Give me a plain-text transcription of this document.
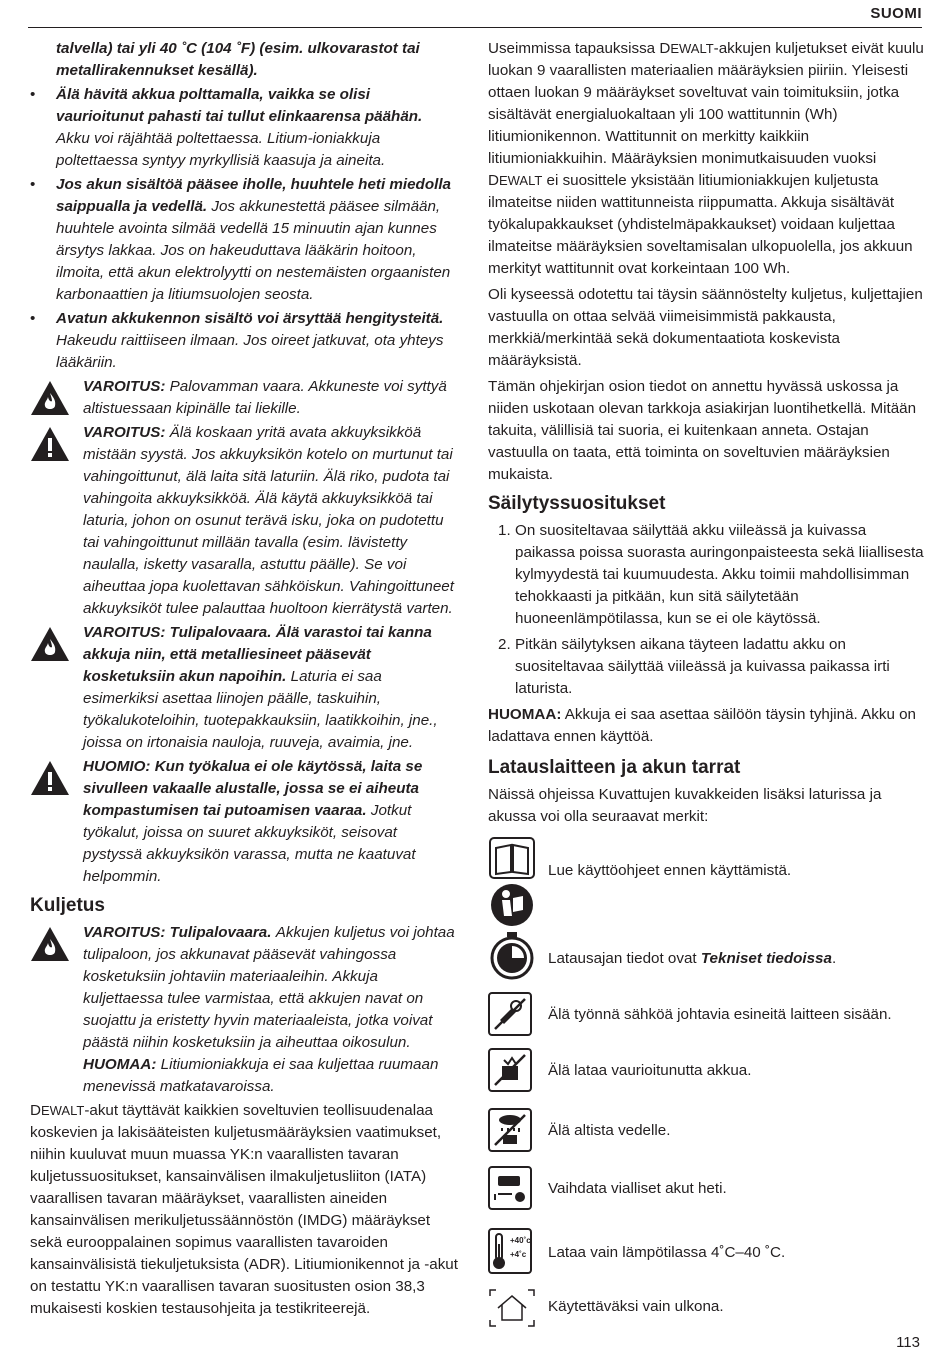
SUOMI

talvella) tai yli 40 ˚C (104 ˚F) (esim. ulkovarastot tai metallirakennukset kesällä).

• Älä hävitä akkua polttamalla, vaikka se olisi vaurioitunut pahasti tai tullut elinkaarensa päähän. Akku voi räjähtää poltettaessa. Litium-ioniakkuja poltettaessa syntyy myrkyllisiä kaasuja ja aineita.
• Jos akun sisältöä pääsee iholle, huuhtele heti miedolla saippualla ja vedellä. Jos akkunestettä pääsee silmään, huuhtele avointa silmää vedellä 15 minuutin ajan kunnes ärsytys lakkaa. Jos on hakeuduttava lääkärin hoitoon, ilmoita, että akun elektrolyytti on nestemäisten orgaanisten karbonaattien ja litiumsuolojen seosta.
• Avatun akkukennon sisältö voi ärsyttää hengitysteitä. Hakeudu raittiiseen ilmaan. Jos oireet jatkuvat, ota yhteys lääkäriin.
VAROITUS: Palovamman vaara. Akkuneste voi syttyä altistuessaan kipinälle tai liekille.
VAROITUS: Älä koskaan yritä avata akkuyksikköä mistään syystä. Jos akkuyksikön kotelo on murtunut tai vahingoittunut, älä laita sitä laturiin. Älä riko, pudota tai vahingoita akkuyksikköä. Älä käytä akkuyksikköä tai laturia, johon on osunut terävä isku, joka on pudotettu tai vahingoittunut millään tavalla (esim. lävistetty naulalla, isketty vasaralla, astuttu päälle). Se voi aiheuttaa jopa kuolettavan sähköiskun. Vahingoittuneet akkuyksiköt tulee palauttaa huoltoon kierrätystä varten.
VAROITUS: Tulipalovaara. Älä varastoi tai kanna akkuja niin, että metalliesineet pääsevät kosketuksiin akun napoihin. Laturia ei saa esimerkiksi asettaa liinojen päälle, taskuihin, työkalukoteloihin, tuotepakkauksiin, laatikkoihin, jne., joissa on irtonaisia nauloja, ruuveja, avaimia, jne.
HUOMIO: Kun työkalua ei ole käytössä, laita se sivulleen vakaalle alustalle, jossa se ei aiheuta kompastumisen tai putoamisen vaaraa. Jotkut työkalut, joissa on suuret akkuyksiköt, seisovat pystyssä akkuyksikön varassa, mutta ne kaatuvat helpommin.
Kuljetus
VAROITUS: Tulipalovaara. Akkujen kuljetus voi johtaa tulipaloon, jos akkunavat pääsevät vahingossa kosketuksiin johtaviin materiaaleihin. Akkuja kuljettaessa tulee varmistaa, että akkujen navat on suojattu ja eristetty hyvin materiaaleista, jotka voivat päästä niihin kosketuksiin ja aiheuttaa oikosulun.
HUOMAA: Litiumioniakkuja ei saa kuljettaa ruumaan menevissä matkatavaroissa.

DEWALT-akut täyttävät kaikkien soveltuvien teollisuudenalaa koskevien ja lakisääteisten kuljetusmääräyksien vaatimukset, niihin kuuluvat muun muassa YK:n vaarallisten tavaran kuljetussuositukset, kansainvälisen ilmakuljetusliiton (IATA) vaarallisen tavaran määräykset, vaarallisten aineiden kansainvälisen merikuljetussäännöstön (IMDG) määräykset sekä eurooppalainen sopimus vaarallisten tavaroiden kansainvälisistä tiekuljetuksista (ADR). Litiumionikennot ja -akut on testattu YK:n vaarallisen tavaran suositusten osion 38,3 mukaisesti koskien testausohjeita ja testikriteerejä.

Useimmissa tapauksissa DEWALT-akkujen kuljetukset eivät kuulu luokan 9 vaarallisten materiaalien määräyksien piiriin. Yleisesti ottaen luokan 9 määräykset soveltuvat vain toimituksiin, jotka sisältävät energialuokaltaan yli 100 wattitunnin (Wh) litiumionikennon. Wattitunnit on merkitty kaikkiin litiumioniakkuihin. Määräyksien monimutkaisuuden vuoksi DEWALT ei suosittele yksistään litiumioniakkujen kuljetusta ilmateitse niiden wattitunneista riippumatta. Akkuja sisältävät työkalupakkaukset (yhdistelmäpakkaukset) voidaan kuljettaa ilmateitse määräyksien soveltamisalan ulkopuolella, jos akkuun merkityt wattitunnit ovat korkeintaan 100 Wh.

Oli kyseessä odotettu tai täysin säännöstelty kuljetus, kuljettajien vastuulla on ottaa selvää viimeisimmistä pakkausta, merkkiä/merkintää sekä dokumentaatiota koskevista määräyksistä.

Tämän ohjekirjan osion tiedot on annettu hyvässä uskossa ja niiden uskotaan olevan tarkkoja asiakirjan luontihetkellä. Mitään takuita, välillisiä tai suoria, ei kuitenkaan anneta. Ostajan vastuulla on taata, että toiminta on soveltuvien määräyksien mukaista.

Säilytyssuositukset
1. On suositeltavaa säilyttää akku viileässä ja kuivassa paikassa poissa suorasta auringonpaisteesta sekä liiallisesta kylmyydestä tai kuumuudesta. Akku toimii mahdollisimman tehokkaasti ja pitkään, kun sitä säilytetään huoneenlämpötilassa, kun se ei ole käytössä.
2. Pitkän säilytyksen aikana täyteen ladattu akku on suositeltavaa säilyttää viileässä ja kuivassa paikassa irti laturista.

HUOMAA: Akkuja ei saa asettaa säilöön täysin tyhjinä. Akku on ladattava ennen käyttöä.

Latauslaitteen ja akun tarrat

Näissä ohjeissa Kuvattujen kuvakkeiden lisäksi laturissa ja akussa voi olla seuraavat merkit:

Lue käyttöohjeet ennen käyttämistä.
Latausajan tiedot ovat Tekniset tiedoissa.
Älä työnnä sähköä johtavia esineitä laitteen sisään.
Älä lataa vaurioitunutta akkua.
Älä altista vedelle.
Vaihdata vialliset akut heti.
+40˚c
+4˚c Lataa vain lämpötilassa 4˚C–40 ˚C.
Käytettäväksi vain ulkona.
113
